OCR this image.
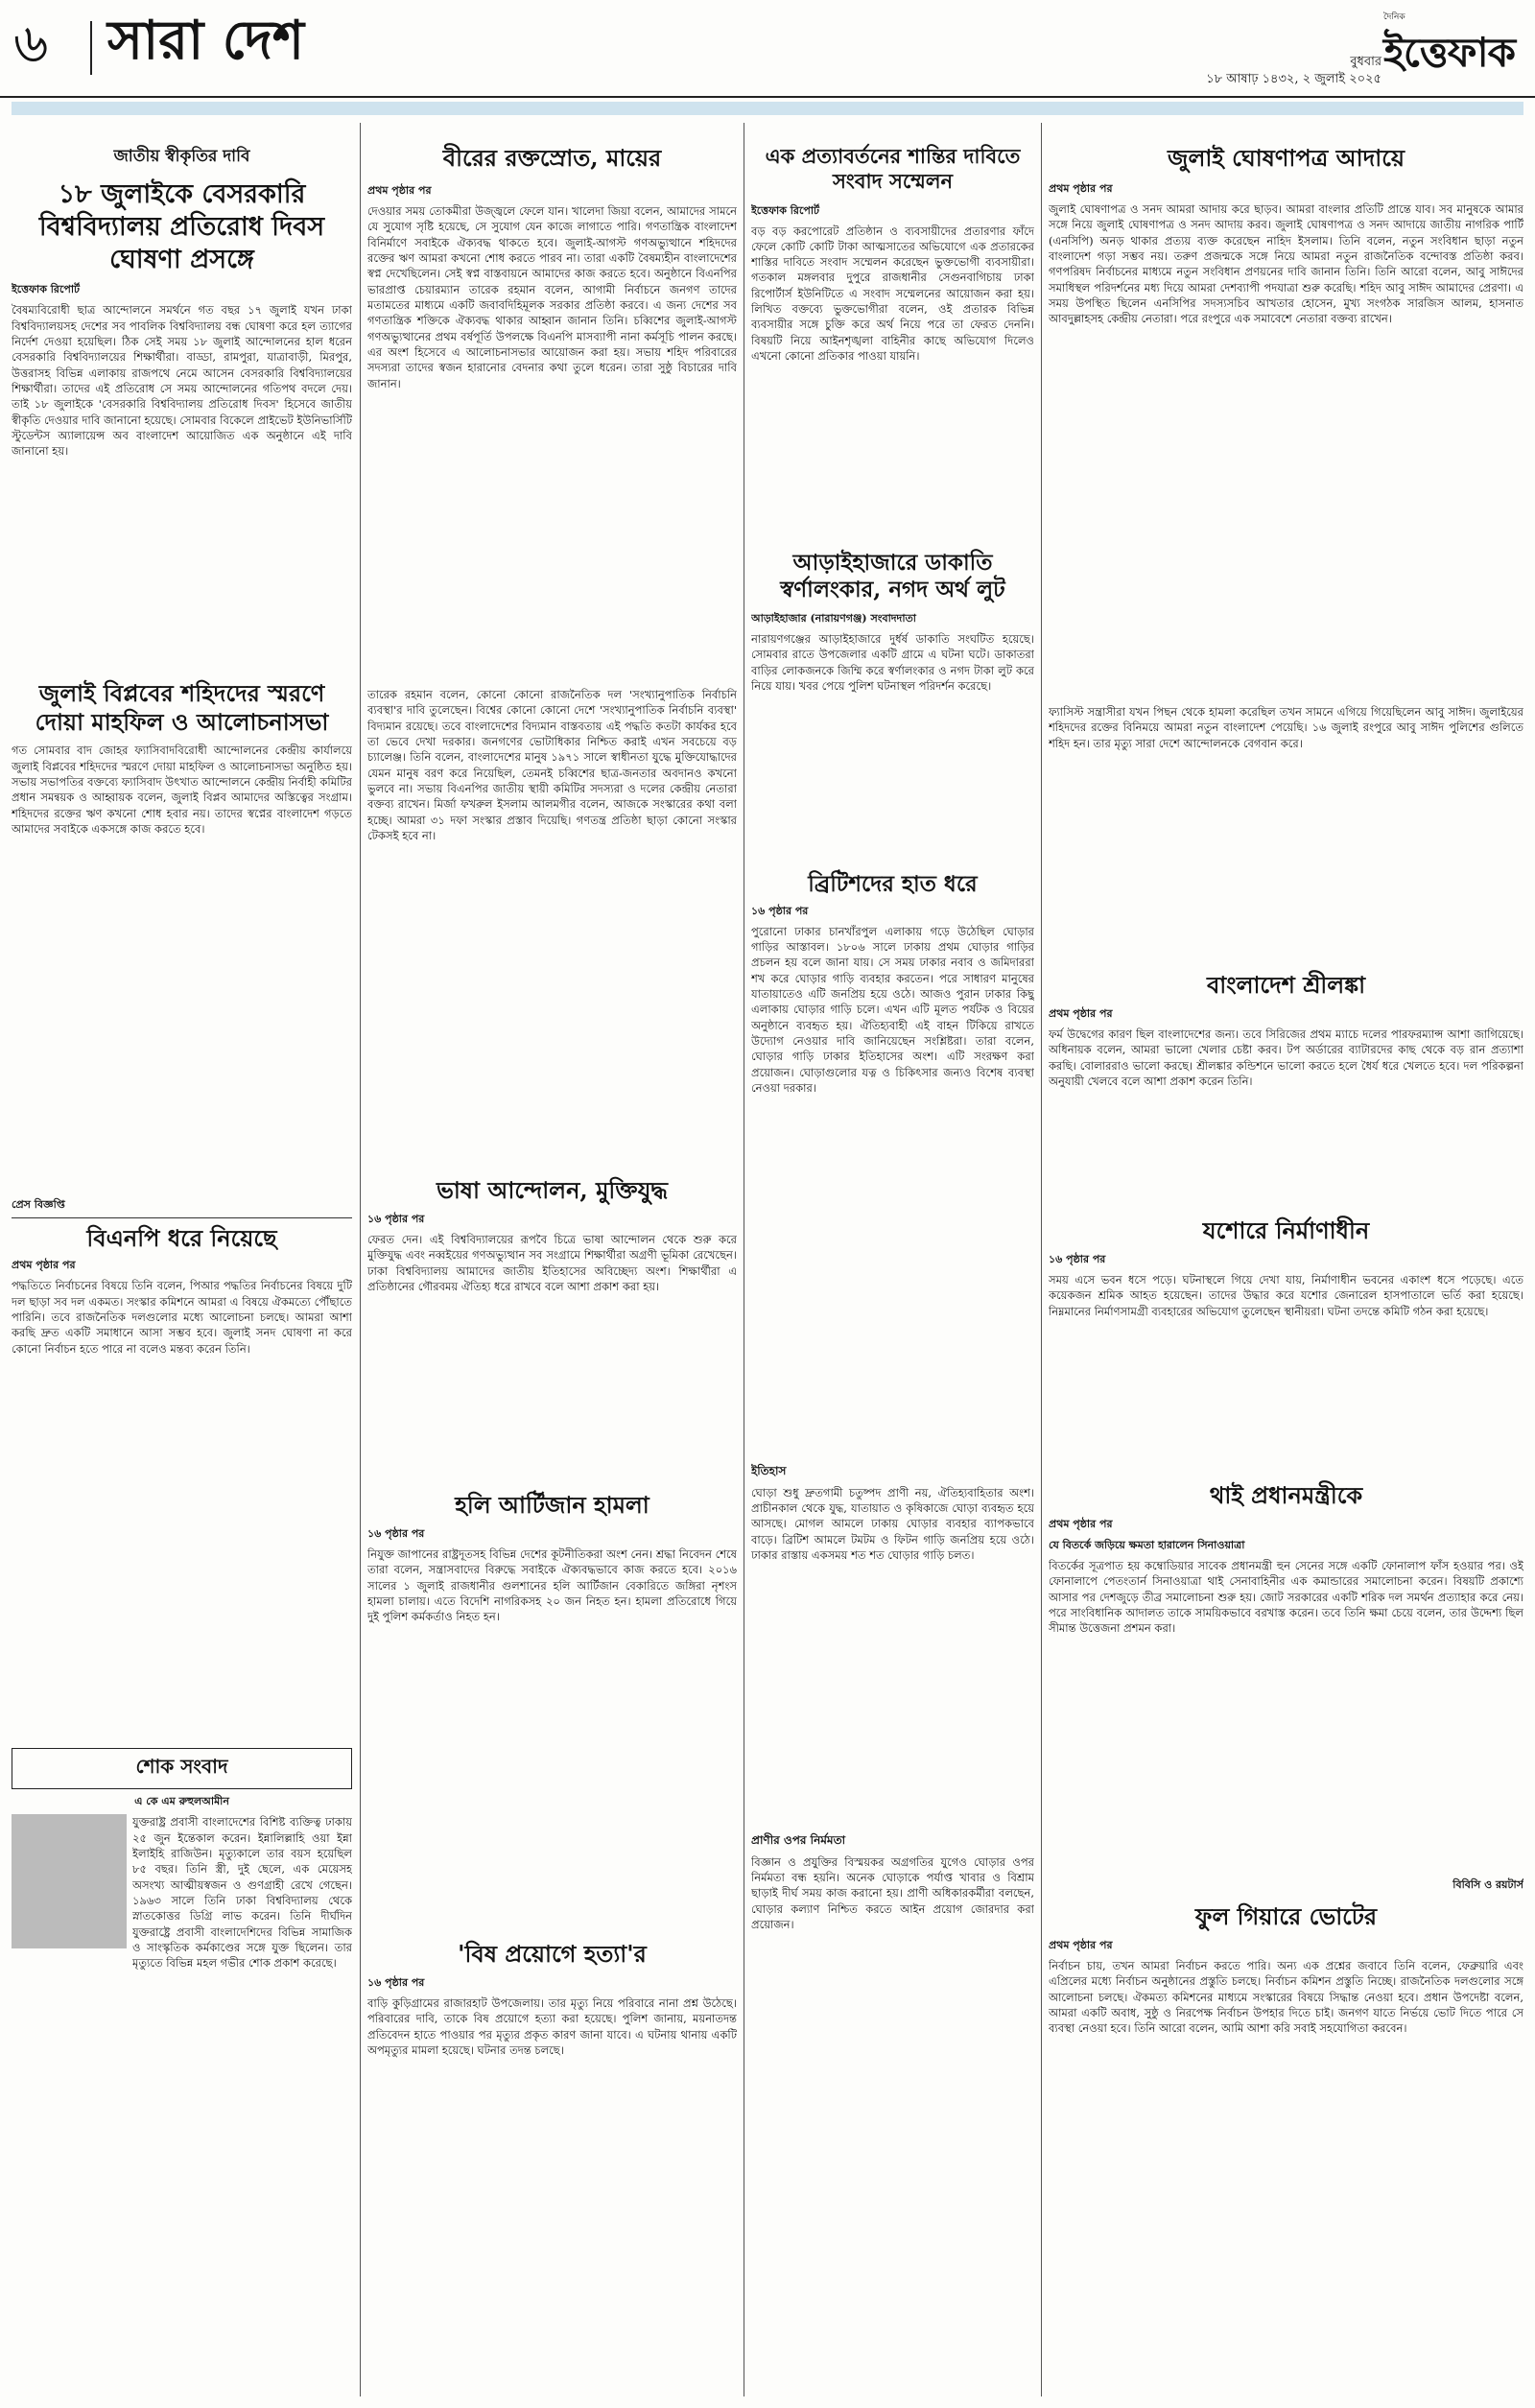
৬ সারা দেশ	বুধবার
১৮ আষাঢ় ১৪৩২, ২ জুলাই ২০২৫
দৈনিক
ইত্তেফাক
জাতীয় স্বীকৃতির দাবি
১৮ জুলাইকে বেসরকারি বিশ্ববিদ্যালয় প্রতিরোধ দিবস ঘোষণা প্রসঙ্গে
ইত্তেফাক রিপোর্ট
বৈষম্যবিরোধী ছাত্র আন্দোলনে সমর্থনে গত বছর ১৭ জুলাই যখন ঢাকা বিশ্ববিদ্যালয়সহ দেশের সব পাবলিক বিশ্ববিদ্যালয় বন্ধ ঘোষণা করে হল ত্যাগের নির্দেশ দেওয়া হয়েছিল। ঠিক সেই সময় ১৮ জুলাই আন্দোলনের হাল ধরেন বেসরকারি বিশ্ববিদ্যালয়ের শিক্ষার্থীরা। বাড্ডা, রামপুরা, যাত্রাবাড়ী, মিরপুর, উত্তরাসহ বিভিন্ন এলাকায় রাজপথে নেমে আসেন বেসরকারি বিশ্ববিদ্যালয়ের শিক্ষার্থীরা। তাদের এই প্রতিরোধ সে সময় আন্দোলনের গতিপথ বদলে দেয়। তাই ১৮ জুলাইকে 'বেসরকারি বিশ্ববিদ্যালয় প্রতিরোধ দিবস' হিসেবে জাতীয় স্বীকৃতি দেওয়ার দাবি জানানো হয়েছে। সোমবার বিকেলে প্রাইভেট ইউনিভার্সিটি স্টুডেন্টস অ্যালায়েন্স অব বাংলাদেশ আয়োজিত এক অনুষ্ঠানে এই দাবি জানানো হয়।
জুলাই বিপ্লবের শহিদদের স্মরণে দোয়া মাহফিল ও আলোচনাসভা
গত সোমবার বাদ জোহর ফ্যাসিবাদবিরোধী আন্দোলনের কেন্দ্রীয় কার্যালয়ে জুলাই বিপ্লবের শহিদদের স্মরণে দোয়া মাহফিল ও আলোচনাসভা অনুষ্ঠিত হয়। সভায় সভাপতির বক্তব্যে ফ্যাসিবাদ উৎখাত আন্দোলনে কেন্দ্রীয় নির্বাহী কমিটির প্রধান সমন্বয়ক ও আহ্বায়ক বলেন, জুলাই বিপ্লব আমাদের অস্তিত্বের সংগ্রাম। শহিদদের রক্তের ঋণ কখনো শোধ হবার নয়। তাদের স্বপ্নের বাংলাদেশ গড়তে আমাদের সবাইকে একসঙ্গে কাজ করতে হবে।
প্রেস বিজ্ঞপ্তি
বিএনপি ধরে নিয়েছে
প্রথম পৃষ্ঠার পর
পদ্ধতিতে নির্বাচনের বিষয়ে তিনি বলেন, পিআর পদ্ধতির নির্বাচনের বিষয়ে দুটি দল ছাড়া সব দল একমত। সংস্কার কমিশনে আমরা এ বিষয়ে ঐকমত্যে পৌঁছাতে পারিনি। তবে রাজনৈতিক দলগুলোর মধ্যে আলোচনা চলছে। আমরা আশা করছি দ্রুত একটি সমাধানে আসা সম্ভব হবে। জুলাই সনদ ঘোষণা না করে কোনো নির্বাচন হতে পারে না বলেও মন্তব্য করেন তিনি।
শোক সংবাদ
এ কে এম রুহুলআমীন
যুক্তরাষ্ট্র প্রবাসী বাংলাদেশের বিশিষ্ট ব্যক্তিত্ব ঢাকায় ২৫ জুন ইন্তেকাল করেন। ইন্নালিল্লাহি ওয়া ইন্না ইলাইহি রাজিউন। মৃত্যুকালে তার বয়স হয়েছিল ৮৫ বছর। তিনি স্ত্রী, দুই ছেলে, এক মেয়েসহ অসংখ্য আত্মীয়স্বজন ও গুণগ্রাহী রেখে গেছেন। ১৯৬৩ সালে তিনি ঢাকা বিশ্ববিদ্যালয় থেকে স্নাতকোত্তর ডিগ্রি লাভ করেন। তিনি দীর্ঘদিন যুক্তরাষ্ট্রে প্রবাসী বাংলাদেশিদের বিভিন্ন সামাজিক ও সাংস্কৃতিক কর্মকাণ্ডের সঙ্গে যুক্ত ছিলেন। তার মৃত্যুতে বিভিন্ন মহল গভীর শোক প্রকাশ করেছে।
বীরের রক্তস্রোত, মায়ের
প্রথম পৃষ্ঠার পর
দেওয়ার সময় তোকমীরা উজ্জ্বলে ফেলে যান। খালেদা জিয়া বলেন, আমাদের সামনে যে সুযোগ সৃষ্টি হয়েছে, সে সুযোগ যেন কাজে লাগাতে পারি। গণতান্ত্রিক বাংলাদেশ বিনির্মাণে সবাইকে ঐক্যবদ্ধ থাকতে হবে। জুলাই-আগস্ট গণঅভ্যুত্থানে শহিদদের রক্তের ঋণ আমরা কখনো শোধ করতে পারব না। তারা একটি বৈষম্যহীন বাংলাদেশের স্বপ্ন দেখেছিলেন। সেই স্বপ্ন বাস্তবায়নে আমাদের কাজ করতে হবে। অনুষ্ঠানে বিএনপির ভারপ্রাপ্ত চেয়ারম্যান তারেক রহমান বলেন, আগামী নির্বাচনে জনগণ তাদের মতামতের মাধ্যমে একটি জবাবদিহিমূলক সরকার প্রতিষ্ঠা করবে। এ জন্য দেশের সব গণতান্ত্রিক শক্তিকে ঐক্যবদ্ধ থাকার আহ্বান জানান তিনি। চব্বিশের জুলাই-আগস্ট গণঅভ্যুত্থানের প্রথম বর্ষপূর্তি উপলক্ষে বিএনপি মাসব্যাপী নানা কর্মসূচি পালন করছে। এর অংশ হিসেবে এ আলোচনাসভার আয়োজন করা হয়। সভায় শহিদ পরিবারের সদস্যরা তাদের স্বজন হারানোর বেদনার কথা তুলে ধরেন। তারা সুষ্ঠু বিচারের দাবি জানান।
তারেক রহমান বলেন, কোনো কোনো রাজনৈতিক দল 'সংখ্যানুপাতিক নির্বাচনি ব্যবস্থা'র দাবি তুলেছেন। বিশ্বের কোনো কোনো দেশে 'সংখ্যানুপাতিক নির্বাচনি ব্যবস্থা' বিদ্যমান রয়েছে। তবে বাংলাদেশের বিদ্যমান বাস্তবতায় এই পদ্ধতি কতটা কার্যকর হবে তা ভেবে দেখা দরকার। জনগণের ভোটাধিকার নিশ্চিত করাই এখন সবচেয়ে বড় চ্যালেঞ্জ। তিনি বলেন, বাংলাদেশের মানুষ ১৯৭১ সালে স্বাধীনতা যুদ্ধে মুক্তিযোদ্ধাদের যেমন মানুষ বরণ করে নিয়েছিল, তেমনই চব্বিশের ছাত্র-জনতার অবদানও কখনো ভুলবে না। সভায় বিএনপির জাতীয় স্থায়ী কমিটির সদস্যরা ও দলের কেন্দ্রীয় নেতারা বক্তব্য রাখেন। মির্জা ফখরুল ইসলাম আলমগীর বলেন, আজকে সংস্কারের কথা বলা হচ্ছে। আমরা ৩১ দফা সংস্কার প্রস্তাব দিয়েছি। গণতন্ত্র প্রতিষ্ঠা ছাড়া কোনো সংস্কার টেকসই হবে না।
ভাষা আন্দোলন, মুক্তিযুদ্ধ
১৬ পৃষ্ঠার পর
ফেরত দেন। এই বিশ্ববিদ্যালয়ের রূপবৈ চিত্রে ভাষা আন্দোলন থেকে শুরু করে মুক্তিযুদ্ধ এবং নব্বইয়ের গণঅভ্যুত্থান সব সংগ্রামে শিক্ষার্থীরা অগ্রণী ভূমিকা রেখেছেন। ঢাকা বিশ্ববিদ্যালয় আমাদের জাতীয় ইতিহাসের অবিচ্ছেদ্য অংশ। শিক্ষার্থীরা এ প্রতিষ্ঠানের গৌরবময় ঐতিহ্য ধরে রাখবে বলে আশা প্রকাশ করা হয়।
হলি আর্টিজান হামলা
১৬ পৃষ্ঠার পর
নিযুক্ত জাপানের রাষ্ট্রদূতসহ বিভিন্ন দেশের কূটনীতিকরা অংশ নেন। শ্রদ্ধা নিবেদন শেষে তারা বলেন, সন্ত্রাসবাদের বিরুদ্ধে সবাইকে ঐক্যবদ্ধভাবে কাজ করতে হবে। ২০১৬ সালের ১ জুলাই রাজধানীর গুলশানের হলি আর্টিজান বেকারিতে জঙ্গিরা নৃশংস হামলা চালায়। এতে বিদেশি নাগরিকসহ ২০ জন নিহত হন। হামলা প্রতিরোধে গিয়ে দুই পুলিশ কর্মকর্তাও নিহত হন।
'বিষ প্রয়োগে হত্যা'র
১৬ পৃষ্ঠার পর
বাড়ি কুড়িগ্রামের রাজারহাট উপজেলায়। তার মৃত্যু নিয়ে পরিবারে নানা প্রশ্ন উঠেছে। পরিবারের দাবি, তাকে বিষ প্রয়োগে হত্যা করা হয়েছে। পুলিশ জানায়, ময়নাতদন্ত প্রতিবেদন হাতে পাওয়ার পর মৃত্যুর প্রকৃত কারণ জানা যাবে। এ ঘটনায় থানায় একটি অপমৃত্যুর মামলা হয়েছে। ঘটনার তদন্ত চলছে।
এক প্রত্যাবর্তনের শান্তির দাবিতে সংবাদ সম্মেলন
ইত্তেফাক রিপোর্ট
বড় বড় করপোরেট প্রতিষ্ঠান ও ব্যবসায়ীদের প্রতারণার ফাঁদে ফেলে কোটি কোটি টাকা আত্মসাতের অভিযোগে এক প্রতারকের শাস্তির দাবিতে সংবাদ সম্মেলন করেছেন ভুক্তভোগী ব্যবসায়ীরা। গতকাল মঙ্গলবার দুপুরে রাজধানীর সেগুনবাগিচায় ঢাকা রিপোর্টার্স ইউনিটিতে এ সংবাদ সম্মেলনের আয়োজন করা হয়। লিখিত বক্তব্যে ভুক্তভোগীরা বলেন, ওই প্রতারক বিভিন্ন ব্যবসায়ীর সঙ্গে চুক্তি করে অর্থ নিয়ে পরে তা ফেরত দেননি। বিষয়টি নিয়ে আইনশৃঙ্খলা বাহিনীর কাছে অভিযোগ দিলেও এখনো কোনো প্রতিকার পাওয়া যায়নি।
আড়াইহাজারে ডাকাতি স্বর্ণালংকার, নগদ অর্থ লুট
আড়াইহাজার (নারায়ণগঞ্জ) সংবাদদাতা
নারায়ণগঞ্জের আড়াইহাজারে দুর্ধর্ষ ডাকাতি সংঘটিত হয়েছে। সোমবার রাতে উপজেলার একটি গ্রামে এ ঘটনা ঘটে। ডাকাতরা বাড়ির লোকজনকে জিম্মি করে স্বর্ণালংকার ও নগদ টাকা লুট করে নিয়ে যায়। খবর পেয়ে পুলিশ ঘটনাস্থল পরিদর্শন করেছে।
ব্রিটিশদের হাত ধরে
১৬ পৃষ্ঠার পর
পুরোনো ঢাকার চানখাঁরপুল এলাকায় গড়ে উঠেছিল ঘোড়ার গাড়ির আস্তাবল। ১৮০৬ সালে ঢাকায় প্রথম ঘোড়ার গাড়ির প্রচলন হয় বলে জানা যায়। সে সময় ঢাকার নবাব ও জমিদাররা শখ করে ঘোড়ার গাড়ি ব্যবহার করতেন। পরে সাধারণ মানুষের যাতায়াতেও এটি জনপ্রিয় হয়ে ওঠে। আজও পুরান ঢাকার কিছু এলাকায় ঘোড়ার গাড়ি চলে। এখন এটি মূলত পর্যটক ও বিয়ের অনুষ্ঠানে ব্যবহৃত হয়। ঐতিহ্যবাহী এই বাহন টিকিয়ে রাখতে উদ্যোগ নেওয়ার দাবি জানিয়েছেন সংশ্লিষ্টরা। তারা বলেন, ঘোড়ার গাড়ি ঢাকার ইতিহাসের অংশ। এটি সংরক্ষণ করা প্রয়োজন। ঘোড়াগুলোর যত্ন ও চিকিৎসার জন্যও বিশেষ ব্যবস্থা নেওয়া দরকার।
ইতিহাস
ঘোড়া শুধু দ্রুতগামী চতুষ্পদ প্রাণী নয়, ঐতিহ্যবাহিতার অংশ। প্রাচীনকাল থেকে যুদ্ধ, যাতায়াত ও কৃষিকাজে ঘোড়া ব্যবহৃত হয়ে আসছে। মোগল আমলে ঢাকায় ঘোড়ার ব্যবহার ব্যাপকভাবে বাড়ে। ব্রিটিশ আমলে টমটম ও ফিটন গাড়ি জনপ্রিয় হয়ে ওঠে। ঢাকার রাস্তায় একসময় শত শত ঘোড়ার গাড়ি চলত।
প্রাণীর ওপর নির্মমতা
বিজ্ঞান ও প্রযুক্তির বিস্ময়কর অগ্রগতির যুগেও ঘোড়ার ওপর নির্মমতা বন্ধ হয়নি। অনেক ঘোড়াকে পর্যাপ্ত খাবার ও বিশ্রাম ছাড়াই দীর্ঘ সময় কাজ করানো হয়। প্রাণী অধিকারকর্মীরা বলছেন, ঘোড়ার কল্যাণ নিশ্চিত করতে আইন প্রয়োগ জোরদার করা প্রয়োজন।
জুলাই ঘোষণাপত্র আদায়ে
প্রথম পৃষ্ঠার পর
জুলাই ঘোষণাপত্র ও সনদ আমরা আদায় করে ছাড়ব। আমরা বাংলার প্রতিটি প্রান্তে যাব। সব মানুষকে আমার সঙ্গে নিয়ে জুলাই ঘোষণাপত্র ও সনদ আদায় করব। জুলাই ঘোষণাপত্র ও সনদ আদায়ে জাতীয় নাগরিক পার্টি (এনসিপি) অনড় থাকার প্রত্যয় ব্যক্ত করেছেন নাহিদ ইসলাম। তিনি বলেন, নতুন সংবিধান ছাড়া নতুন বাংলাদেশ গড়া সম্ভব নয়। তরুণ প্রজন্মকে সঙ্গে নিয়ে আমরা নতুন রাজনৈতিক বন্দোবস্ত প্রতিষ্ঠা করব। গণপরিষদ নির্বাচনের মাধ্যমে নতুন সংবিধান প্রণয়নের দাবি জানান তিনি। তিনি আরো বলেন, আবু সাঈদের সমাধিস্থল পরিদর্শনের মধ্য দিয়ে আমরা দেশব্যাপী পদযাত্রা শুরু করেছি। শহিদ আবু সাঈদ আমাদের প্রেরণা। এ সময় উপস্থিত ছিলেন এনসিপির সদস্যসচিব আখতার হোসেন, মুখ্য সংগঠক সারজিস আলম, হাসনাত আবদুল্লাহসহ কেন্দ্রীয় নেতারা। পরে রংপুরে এক সমাবেশে নেতারা বক্তব্য রাখেন।
ফ্যাসিস্ট সন্ত্রাসীরা যখন পিছন থেকে হামলা করেছিল তখন সামনে এগিয়ে গিয়েছিলেন আবু সাঈদ। জুলাইয়ের শহিদদের রক্তের বিনিময়ে আমরা নতুন বাংলাদেশ পেয়েছি। ১৬ জুলাই রংপুরে আবু সাঈদ পুলিশের গুলিতে শহিদ হন। তার মৃত্যু সারা দেশে আন্দোলনকে বেগবান করে।
বাংলাদেশ শ্রীলঙ্কা
প্রথম পৃষ্ঠার পর
ফর্ম উদ্বেগের কারণ ছিল বাংলাদেশের জন্য। তবে সিরিজের প্রথম ম্যাচে দলের পারফরম্যান্স আশা জাগিয়েছে। অধিনায়ক বলেন, আমরা ভালো খেলার চেষ্টা করব। টপ অর্ডারের ব্যাটারদের কাছ থেকে বড় রান প্রত্যাশা করছি। বোলাররাও ভালো করছে। শ্রীলঙ্কার কন্ডিশনে ভালো করতে হলে ধৈর্য ধরে খেলতে হবে। দল পরিকল্পনা অনুযায়ী খেলবে বলে আশা প্রকাশ করেন তিনি।
যশোরে নির্মাণাধীন
১৬ পৃষ্ঠার পর
সময় এসে ভবন ধসে পড়ে। ঘটনাস্থলে গিয়ে দেখা যায়, নির্মাণাধীন ভবনের একাংশ ধসে পড়েছে। এতে কয়েকজন শ্রমিক আহত হয়েছেন। তাদের উদ্ধার করে যশোর জেনারেল হাসপাতালে ভর্তি করা হয়েছে। নিম্নমানের নির্মাণসামগ্রী ব্যবহারের অভিযোগ তুলেছেন স্থানীয়রা। ঘটনা তদন্তে কমিটি গঠন করা হয়েছে।
থাই প্রধানমন্ত্রীকে
প্রথম পৃষ্ঠার পর
যে বিতর্কে জড়িয়ে ক্ষমতা হারালেন সিনাওয়াত্রা
বিতর্কের সূত্রপাত হয় কম্বোডিয়ার সাবেক প্রধানমন্ত্রী হুন সেনের সঙ্গে একটি ফোনালাপ ফাঁস হওয়ার পর। ওই ফোনালাপে পেতংতার্ন সিনাওয়াত্রা থাই সেনাবাহিনীর এক কমান্ডারের সমালোচনা করেন। বিষয়টি প্রকাশ্যে আসার পর দেশজুড়ে তীব্র সমালোচনা শুরু হয়। জোট সরকারের একটি শরিক দল সমর্থন প্রত্যাহার করে নেয়। পরে সাংবিধানিক আদালত তাকে সাময়িকভাবে বরখাস্ত করেন। তবে তিনি ক্ষমা চেয়ে বলেন, তার উদ্দেশ্য ছিল সীমান্ত উত্তেজনা প্রশমন করা।
বিবিসি ও রয়টার্স
ফুল গিয়ারে ভোটের
প্রথম পৃষ্ঠার পর
নির্বাচন চায়, তখন আমরা নির্বাচন করতে পারি। অন্য এক প্রশ্নের জবাবে তিনি বলেন, ফেব্রুয়ারি এবং এপ্রিলের মধ্যে নির্বাচন অনুষ্ঠানের প্রস্তুতি চলছে। নির্বাচন কমিশন প্রস্তুতি নিচ্ছে। রাজনৈতিক দলগুলোর সঙ্গে আলোচনা চলছে। ঐকমত্য কমিশনের মাধ্যমে সংস্কারের বিষয়ে সিদ্ধান্ত নেওয়া হবে। প্রধান উপদেষ্টা বলেন, আমরা একটি অবাধ, সুষ্ঠু ও নিরপেক্ষ নির্বাচন উপহার দিতে চাই। জনগণ যাতে নির্ভয়ে ভোট দিতে পারে সে ব্যবস্থা নেওয়া হবে। তিনি আরো বলেন, আমি আশা করি সবাই সহযোগিতা করবেন।
